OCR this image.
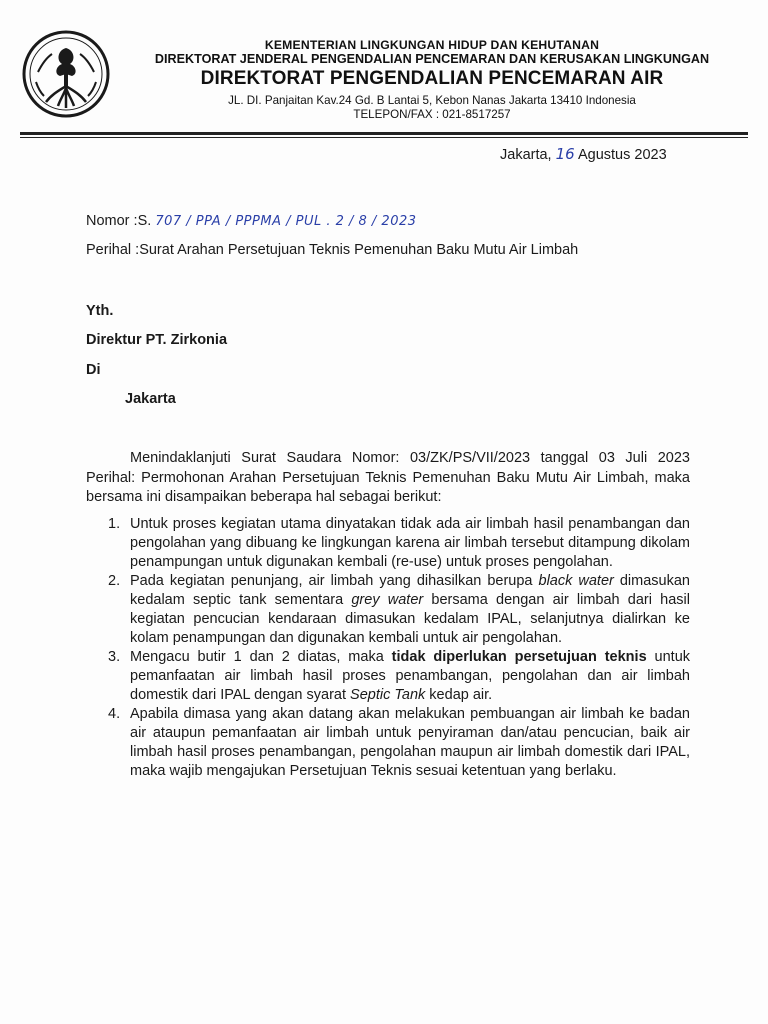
KEMENTERIAN LINGKUNGAN HIDUP DAN KEHUTANAN
DIREKTORAT JENDERAL PENGENDALIAN PENCEMARAN DAN KERUSAKAN LINGKUNGAN
DIREKTORAT PENGENDALIAN PENCEMARAN AIR
JL. DI. Panjaitan Kav.24 Gd. B Lantai 5, Kebon Nanas Jakarta 13410 Indonesia
TELEPON/FAX : 021-8517257
Jakarta, 16 Agustus 2023
Nomor :S. 707 / PPA / PPPMA / PUL . 2 / 8 / 2023
Perihal :Surat Arahan Persetujuan Teknis Pemenuhan Baku Mutu Air Limbah
Yth.
Direktur PT. Zirkonia
Di
Jakarta
Menindaklanjuti Surat Saudara Nomor: 03/ZK/PS/VII/2023 tanggal 03 Juli 2023 Perihal: Permohonan Arahan Persetujuan Teknis Pemenuhan Baku Mutu Air Limbah, maka bersama ini disampaikan beberapa hal sebagai berikut:
1. Untuk proses kegiatan utama dinyatakan tidak ada air limbah hasil penambangan dan pengolahan yang dibuang ke lingkungan karena air limbah tersebut ditampung dikolam penampungan untuk digunakan kembali (re-use) untuk proses pengolahan.
2. Pada kegiatan penunjang, air limbah yang dihasilkan berupa black water dimasukan kedalam septic tank sementara grey water bersama dengan air limbah dari hasil kegiatan pencucian kendaraan dimasukan kedalam IPAL, selanjutnya dialirkan ke kolam penampungan dan digunakan kembali untuk air pengolahan.
3. Mengacu butir 1 dan 2 diatas, maka tidak diperlukan persetujuan teknis untuk pemanfaatan air limbah hasil proses penambangan, pengolahan dan air limbah domestik dari IPAL dengan syarat Septic Tank kedap air.
4. Apabila dimasa yang akan datang akan melakukan pembuangan air limbah ke badan air ataupun pemanfaatan air limbah untuk penyiraman dan/atau pencucian, baik air limbah hasil proses penambangan, pengolahan maupun air limbah domestik dari IPAL, maka wajib mengajukan Persetujuan Teknis sesuai ketentuan yang berlaku.
